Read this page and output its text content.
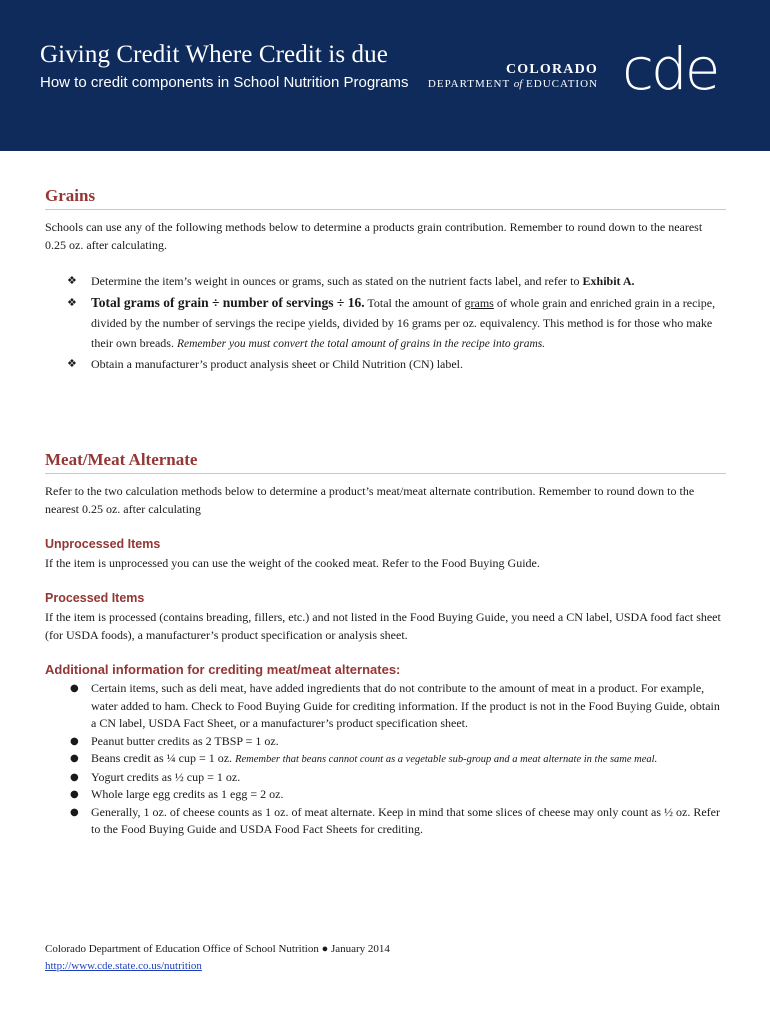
Giving Credit Where Credit is due
How to credit components in School Nutrition Programs
COLORADO
DEPARTMENT of EDUCATION cde
Grains
Schools can use any of the following methods below to determine a products grain contribution. Remember to round down to the nearest 0.25 oz. after calculating.
❖ Determine the item’s weight in ounces or grams, such as stated on the nutrient facts label, and refer to Exhibit A.
❖ Total grams of grain ÷ number of servings ÷ 16. Total the amount of grams of whole grain and enriched grain in a recipe, divided by the number of servings the recipe yields, divided by 16 grams per oz. equivalency. This method is for those who make their own breads. Remember you must convert the total amount of grains in the recipe into grams.
❖ Obtain a manufacturer’s product analysis sheet or Child Nutrition (CN) label.
Meat/Meat Alternate
Refer to the two calculation methods below to determine a product’s meat/meat alternate contribution. Remember to round down to the nearest 0.25 oz. after calculating
Unprocessed Items
If the item is unprocessed you can use the weight of the cooked meat. Refer to the Food Buying Guide.
Processed Items
If the item is processed (contains breading, fillers, etc.) and not listed in the Food Buying Guide, you need a CN label, USDA food fact sheet (for USDA foods), a manufacturer’s product specification or analysis sheet.
Additional information for crediting meat/meat alternates:
● Certain items, such as deli meat, have added ingredients that do not contribute to the amount of meat in a product. For example, water added to ham. Check to Food Buying Guide for crediting information. If the product is not in the Food Buying Guide, obtain a CN label, USDA Fact Sheet, or a manufacturer’s product specification sheet.
● Peanut butter credits as 2 TBSP = 1 oz.
● Beans credit as ¼ cup = 1 oz. Remember that beans cannot count as a vegetable sub-group and a meat alternate in the same meal.
● Yogurt credits as ½ cup = 1 oz.
● Whole large egg credits as 1 egg = 2 oz.
● Generally, 1 oz. of cheese counts as 1 oz. of meat alternate. Keep in mind that some slices of cheese may only count as ½ oz. Refer to the Food Buying Guide and USDA Food Fact Sheets for crediting.
Colorado Department of Education Office of School Nutrition ● January 2014
http://www.cde.state.co.us/nutrition
